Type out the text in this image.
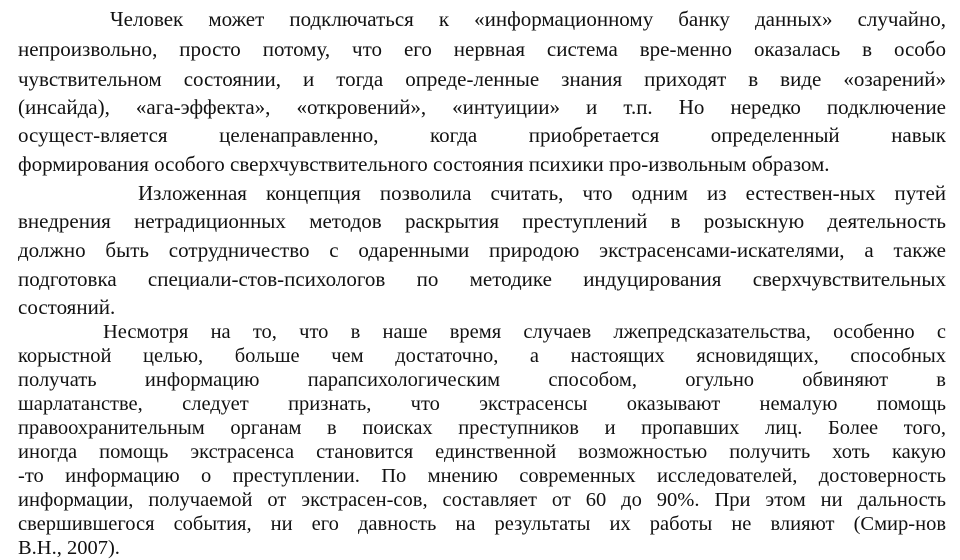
Человек может подключаться к «информационному банку данных» случайно,

непроизвольно, просто потому, что его нервная система вре-менно оказалась в особо

чувствительном состоянии, и тогда опреде-ленные знания приходят в виде «озарений»

(инсайда), «ага-эффекта», «откровений», «интуиции» и т.п. Но нередко подключение

осущест-вляется целенаправленно, когда приобретается определенный навык

формирования особого сверхчувствительного состояния психики про-извольным образом.

Изложенная концепция позволила считать, что одним из естествен-ных путей

внедрения нетрадиционных методов раскрытия преступлений в розыскную деятельность

должно быть сотрудничество с одаренными природою экстрасенсами-искателями, а также

подготовка специали-стов-психологов по методике индуцирования сверхчувствительных

состояний.

Несмотря на то, что в наше время случаев лжепредсказательства, особенно с

корыстной целью, больше чем достаточно, а настоящих ясновидящих, способных

получать информацию парапсихологическим способом, огульно обвиняют в

шарлатанстве, следует признать, что экстрасенсы оказывают немалую помощь

правоохранительным органам в поисках преступников и пропавших лиц. Более того,

иногда помощь экстрасенса становится единственной возможностью получить хоть какую

-то информацию о преступлении. По мнению современных исследователей, достоверность

информации, получаемой от экстрасен-сов, составляет от 60 до 90%. При этом ни дальность

свершившегося события, ни его давность на результаты их работы не влияют (Смир-нов

В.Н., 2007).
